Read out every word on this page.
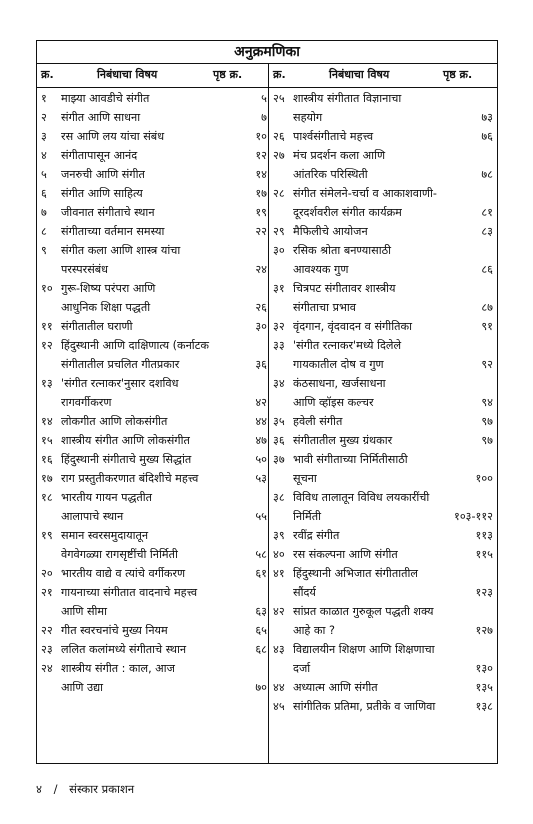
अनुक्रमणिका
क्र.	निबंधाचा विषय	पृष्ठ क्र.	क्र.	निबंधाचा विषय	पृष्ठ क्र.
१ माझ्या आवडीचे संगीत	५
२ संगीत आणि साधना	७
३ रस आणि लय यांचा संबंध	१०
४ संगीतापासून आनंद	१२
५ जनरुची आणि संगीत	१४
६ संगीत आणि साहित्य	१७
७ जीवनात संगीताचे स्थान	१९
८ संगीताच्या वर्तमान समस्या	२२
९ संगीत कला आणि शास्त्र यांचा
परस्परसंबंध	२४
१० गुरू-शिष्य परंपरा आणि
आधुनिक शिक्षा पद्धती	२६
११ संगीतातील घराणी	३०
१२ हिंदुस्थानी आणि दाक्षिणात्य (कर्नाटक
संगीतातील प्रचलित गीतप्रकार	३६
१३ 'संगीत रत्नाकर'नुसार दशविध
रागवर्गीकरण	४२
१४ लोकगीत आणि लोकसंगीत	४४
१५ शास्त्रीय संगीत आणि लोकसंगीत	४७
१६ हिंदुस्थानी संगीताचे मुख्य सिद्धांत	५०
१७ राग प्रस्तुतीकरणात बंदिशीचे महत्त्व	५३
१८ भारतीय गायन पद्धतीत
आलापाचे स्थान	५५
१९ समान स्वरसमुदायातून
वेगवेगळ्या रागसृष्टींची निर्मिती	५८
२० भारतीय वाद्ये व त्यांचे वर्गीकरण	६१
२१ गायनाच्या संगीतात वादनाचे महत्त्व
आणि सीमा	६३
२२ गीत स्वरचनांचे मुख्य नियम	६५
२३ ललित कलांमध्ये संगीताचे स्थान	६८
२४ शास्त्रीय संगीत : काल, आज
आणि उद्या	७०
२५ शास्त्रीय संगीतात विज्ञानाचा
सहयोग	७३
२६ पार्श्वसंगीताचे महत्त्व	७६
२७ मंच प्रदर्शन कला आणि
आंतरिक परिस्थिती	७८
२८ संगीत संमेलने-चर्चा व आकाशवाणी-
दूरदर्शवरील संगीत कार्यक्रम	८१
२९ मैफिलीचे आयोजन	८३
३० रसिक श्रोता बनण्यासाठी
आवश्यक गुण	८६
३१ चित्रपट संगीतावर शास्त्रीय
संगीताचा प्रभाव	८७
३२ वृंदगान, वृंदवादन व संगीतिका	९१
३३ 'संगीत रत्नाकर'मध्ये दिलेले
गायकातील दोष व गुण	९२
३४ कंठसाधना, खर्जसाधना
आणि व्हॉइस कल्चर	९४
३५ हवेली संगीत	९७
३६ संगीतातील मुख्य ग्रंथकार	९७
३७ भावी संगीताच्या निर्मितीसाठी
सूचना	१००
३८ विविध तालातून विविध लयकारींची
निर्मिती	१०३-११२
३९ रवींद्र संगीत	११३
४० रस संकल्पना आणि संगीत	११५
४१ हिंदुस्थानी अभिजात संगीतातील
सौंदर्य	१२३
४२ सांप्रत काळात गुरुकूल पद्धती शक्य
आहे का ?	१२७
४३ विद्यालयीन शिक्षण आणि शिक्षणाचा
दर्जा	१३०
४४ अध्यात्म आणि संगीत	१३५
४५ सांगीतिक प्रतिमा, प्रतीके व जाणिवा	१३८
४ / संस्कार प्रकाशन
